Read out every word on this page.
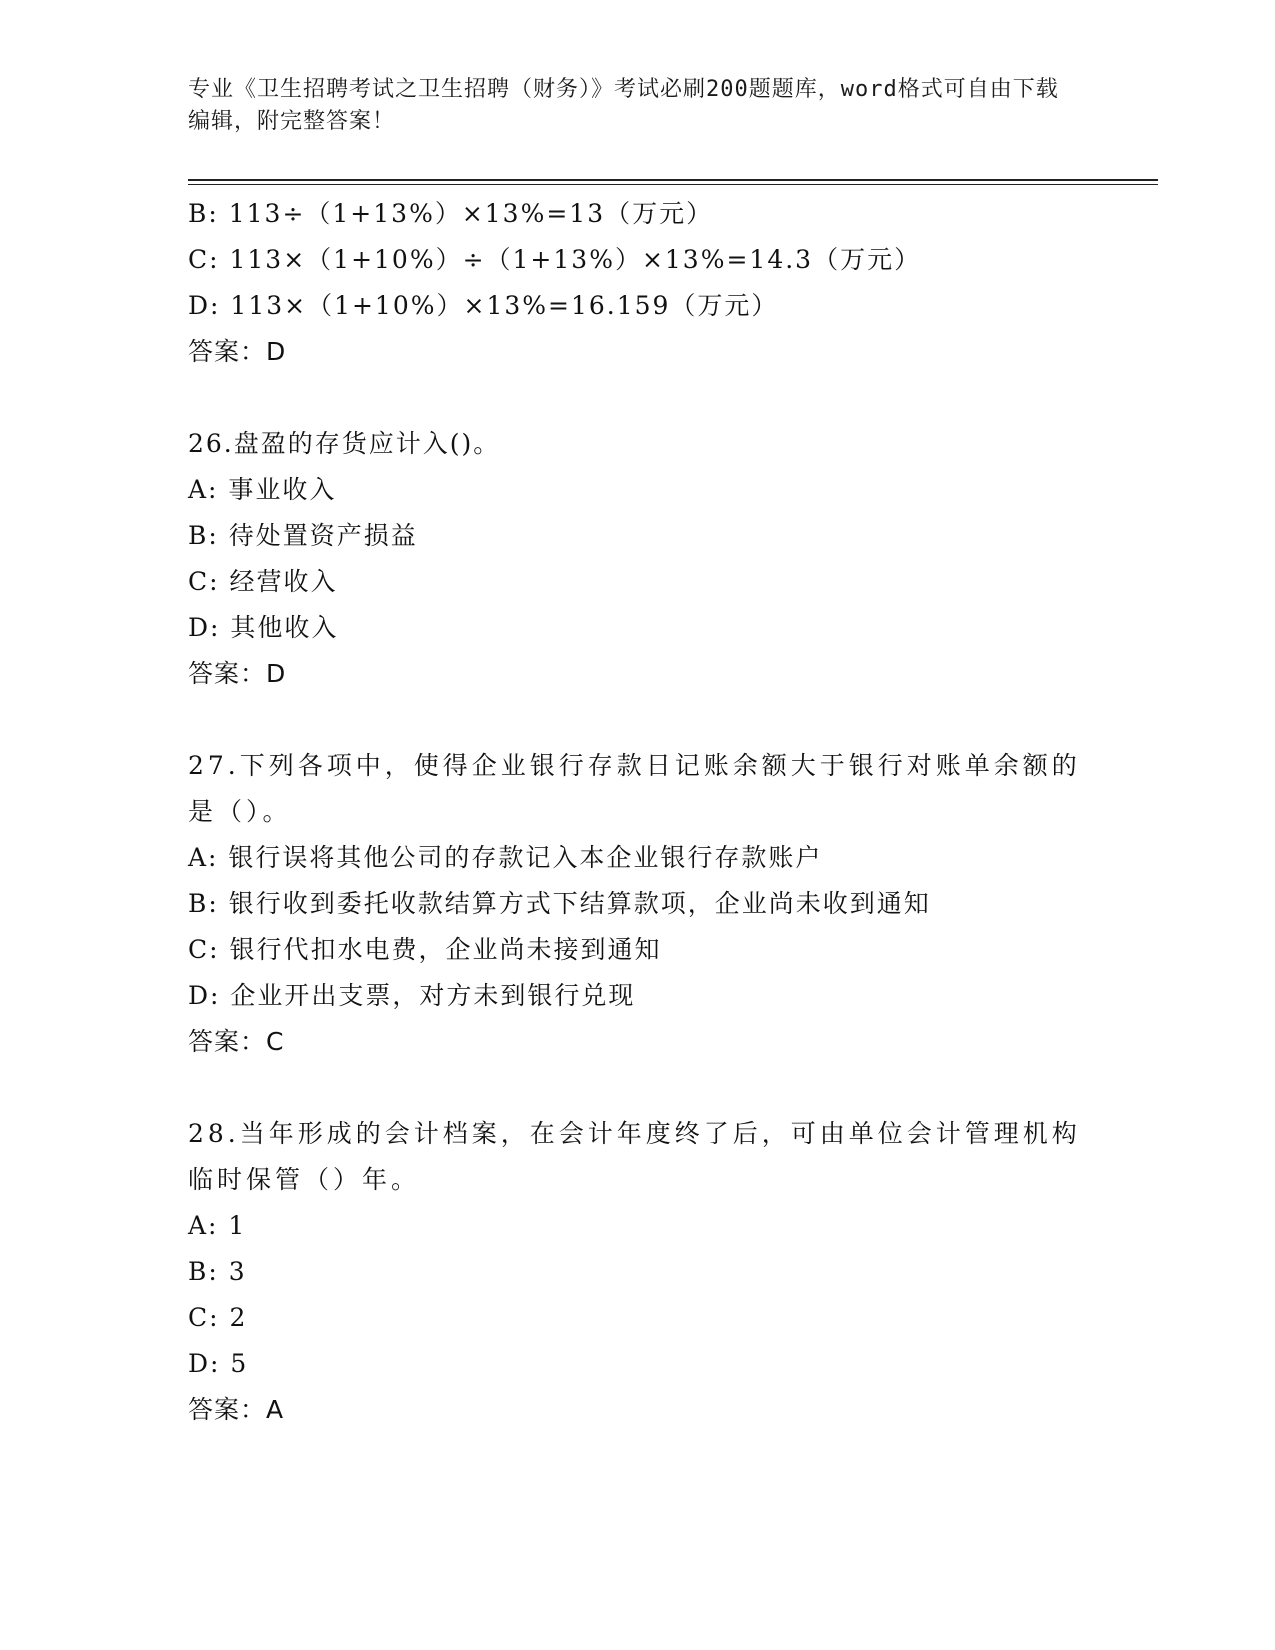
专业《卫生招聘考试之卫生招聘（财务）》考试必刷200题题库，word格式可自由下载编辑，附完整答案！
B: 113÷（1+13%）×13%=13（万元）
C: 113×（1+10%）÷（1+13%）×13%=14.3（万元）
D: 113×（1+10%）×13%=16.159（万元）
答案：D
26.盘盈的存货应计入()。
A: 事业收入
B: 待处置资产损益
C: 经营收入
D: 其他收入
答案：D
27.下列各项中，使得企业银行存款日记账余额大于银行对账单余额的是（）。
A: 银行误将其他公司的存款记入本企业银行存款账户
B: 银行收到委托收款结算方式下结算款项，企业尚未收到通知
C: 银行代扣水电费，企业尚未接到通知
D: 企业开出支票，对方未到银行兑现
答案：C
28.当年形成的会计档案，在会计年度终了后，可由单位会计管理机构临时保管（）年。
A: 1
B: 3
C: 2
D: 5
答案：A
